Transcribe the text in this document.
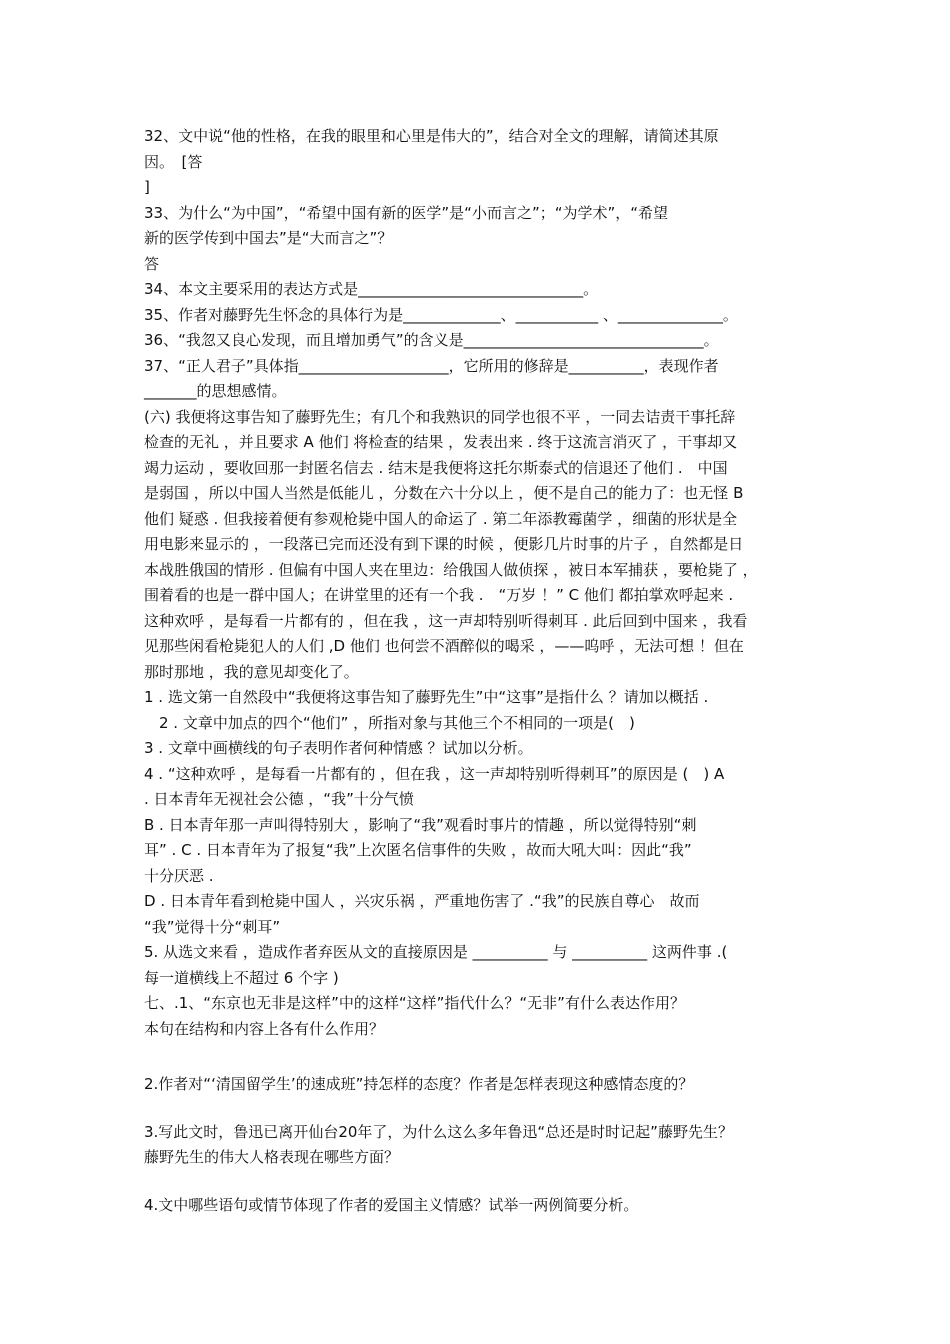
32、文中说“他的性格，在我的眼里和心里是伟大的”，结合对全文的理解，请简述其原

因。　[答

]

33、为什么“为中国”，“希望中国有新的医学”是“小而言之”；“为学术”，“希望

新的医学传到中国去”是“大而言之”？

答

34、本文主要采用的表达方式是______________________________。

35、作者对藤野先生怀念的具体行为是_____________、___________ 、______________。

36、“我忽又良心发现，而且增加勇气”的含义是________________________________。

37、“正人君子”具体指____________________，它所用的修辞是__________，表现作者

_______的思想感情。

(六) 我便将这事告知了藤野先生；有几个和我熟识的同学也很不平 ，一同去诘责干事托辞

检查的无礼 ，并且要求 A 他们 将检查的结果 ，发表出来 . 终于这流言消灭了 ，干事却又

竭力运动 ，要收回那一封匿名信去 . 结末是我便将这托尔斯泰式的信退还了他们 .　中国

是弱国 ，所以中国人当然是低能儿 ，分数在六十分以上 ，便不是自己的能力了：也无怪 B

他们 疑惑 . 但我接着便有参观枪毙中国人的命运了 . 第二年添教霉菌学 ，细菌的形状是全

用电影来显示的 ，一段落已完而还没有到下课的时候 ，便影几片时事的片子 ，自然都是日

本战胜俄国的情形 . 但偏有中国人夹在里边：给俄国人做侦探 ，被日本军捕获 ，要枪毙了 ，

围着看的也是一群中国人；在讲堂里的还有一个我 .　“万岁 ！” C 他们 都拍掌欢呼起来 .

这种欢呼 ，是每看一片都有的 ，但在我 ，这一声却特别听得刺耳 . 此后回到中国来 ，我看

见那些闲看枪毙犯人的人们 ,D 他们 也何尝不酒醉似的喝采 ，——呜呼 ，无法可想 ！但在

那时那地 ，我的意见却变化了。

1 . 选文第一自然段中“我便将这事告知了藤野先生”中“这事”是指什么 ？请加以概括 .

　2 . 文章中加点的四个“他们” ，所指对象与其他三个不相同的一项是(　)

3 . 文章中画横线的句子表明作者何种情感 ？试加以分析。

4 . “这种欢呼 ，是每看一片都有的 ，但在我 ，这一声却特别听得刺耳”的原因是 (　) A

. 日本青年无视社会公德 ，“我”十分气愤

B . 日本青年那一声叫得特别大 ，影响了“我”观看时事片的情趣 ，所以觉得特别“刺

耳” . C . 日本青年为了报复“我”上次匿名信事件的失败 ，故而大吼大叫：因此“我”

十分厌恶 .

D . 日本青年看到枪毙中国人 ，兴灾乐祸 ，严重地伤害了 .“我”的民族自尊心　故而

“我”觉得十分“刺耳”

5. 从选文来看 ，造成作者弃医从文的直接原因是 __________ 与 __________ 这两件事 .(

每一道横线上不超过 6 个字 )

七、.1、“东京也无非是这样”中的这样“这样”指代什么？“无非”有什么表达作用？

本句在结构和内容上各有什么作用？

2.作者对“‘清国留学生’的速成班”持怎样的态度？作者是怎样表现这种感情态度的？

3.写此文时，鲁迅已离开仙台20年了，为什么这么多年鲁迅“总还是时时记起”藤野先生？

藤野先生的伟大人格表现在哪些方面？

4.文中哪些语句或情节体现了作者的爱国主义情感？试举一两例简要分析。
